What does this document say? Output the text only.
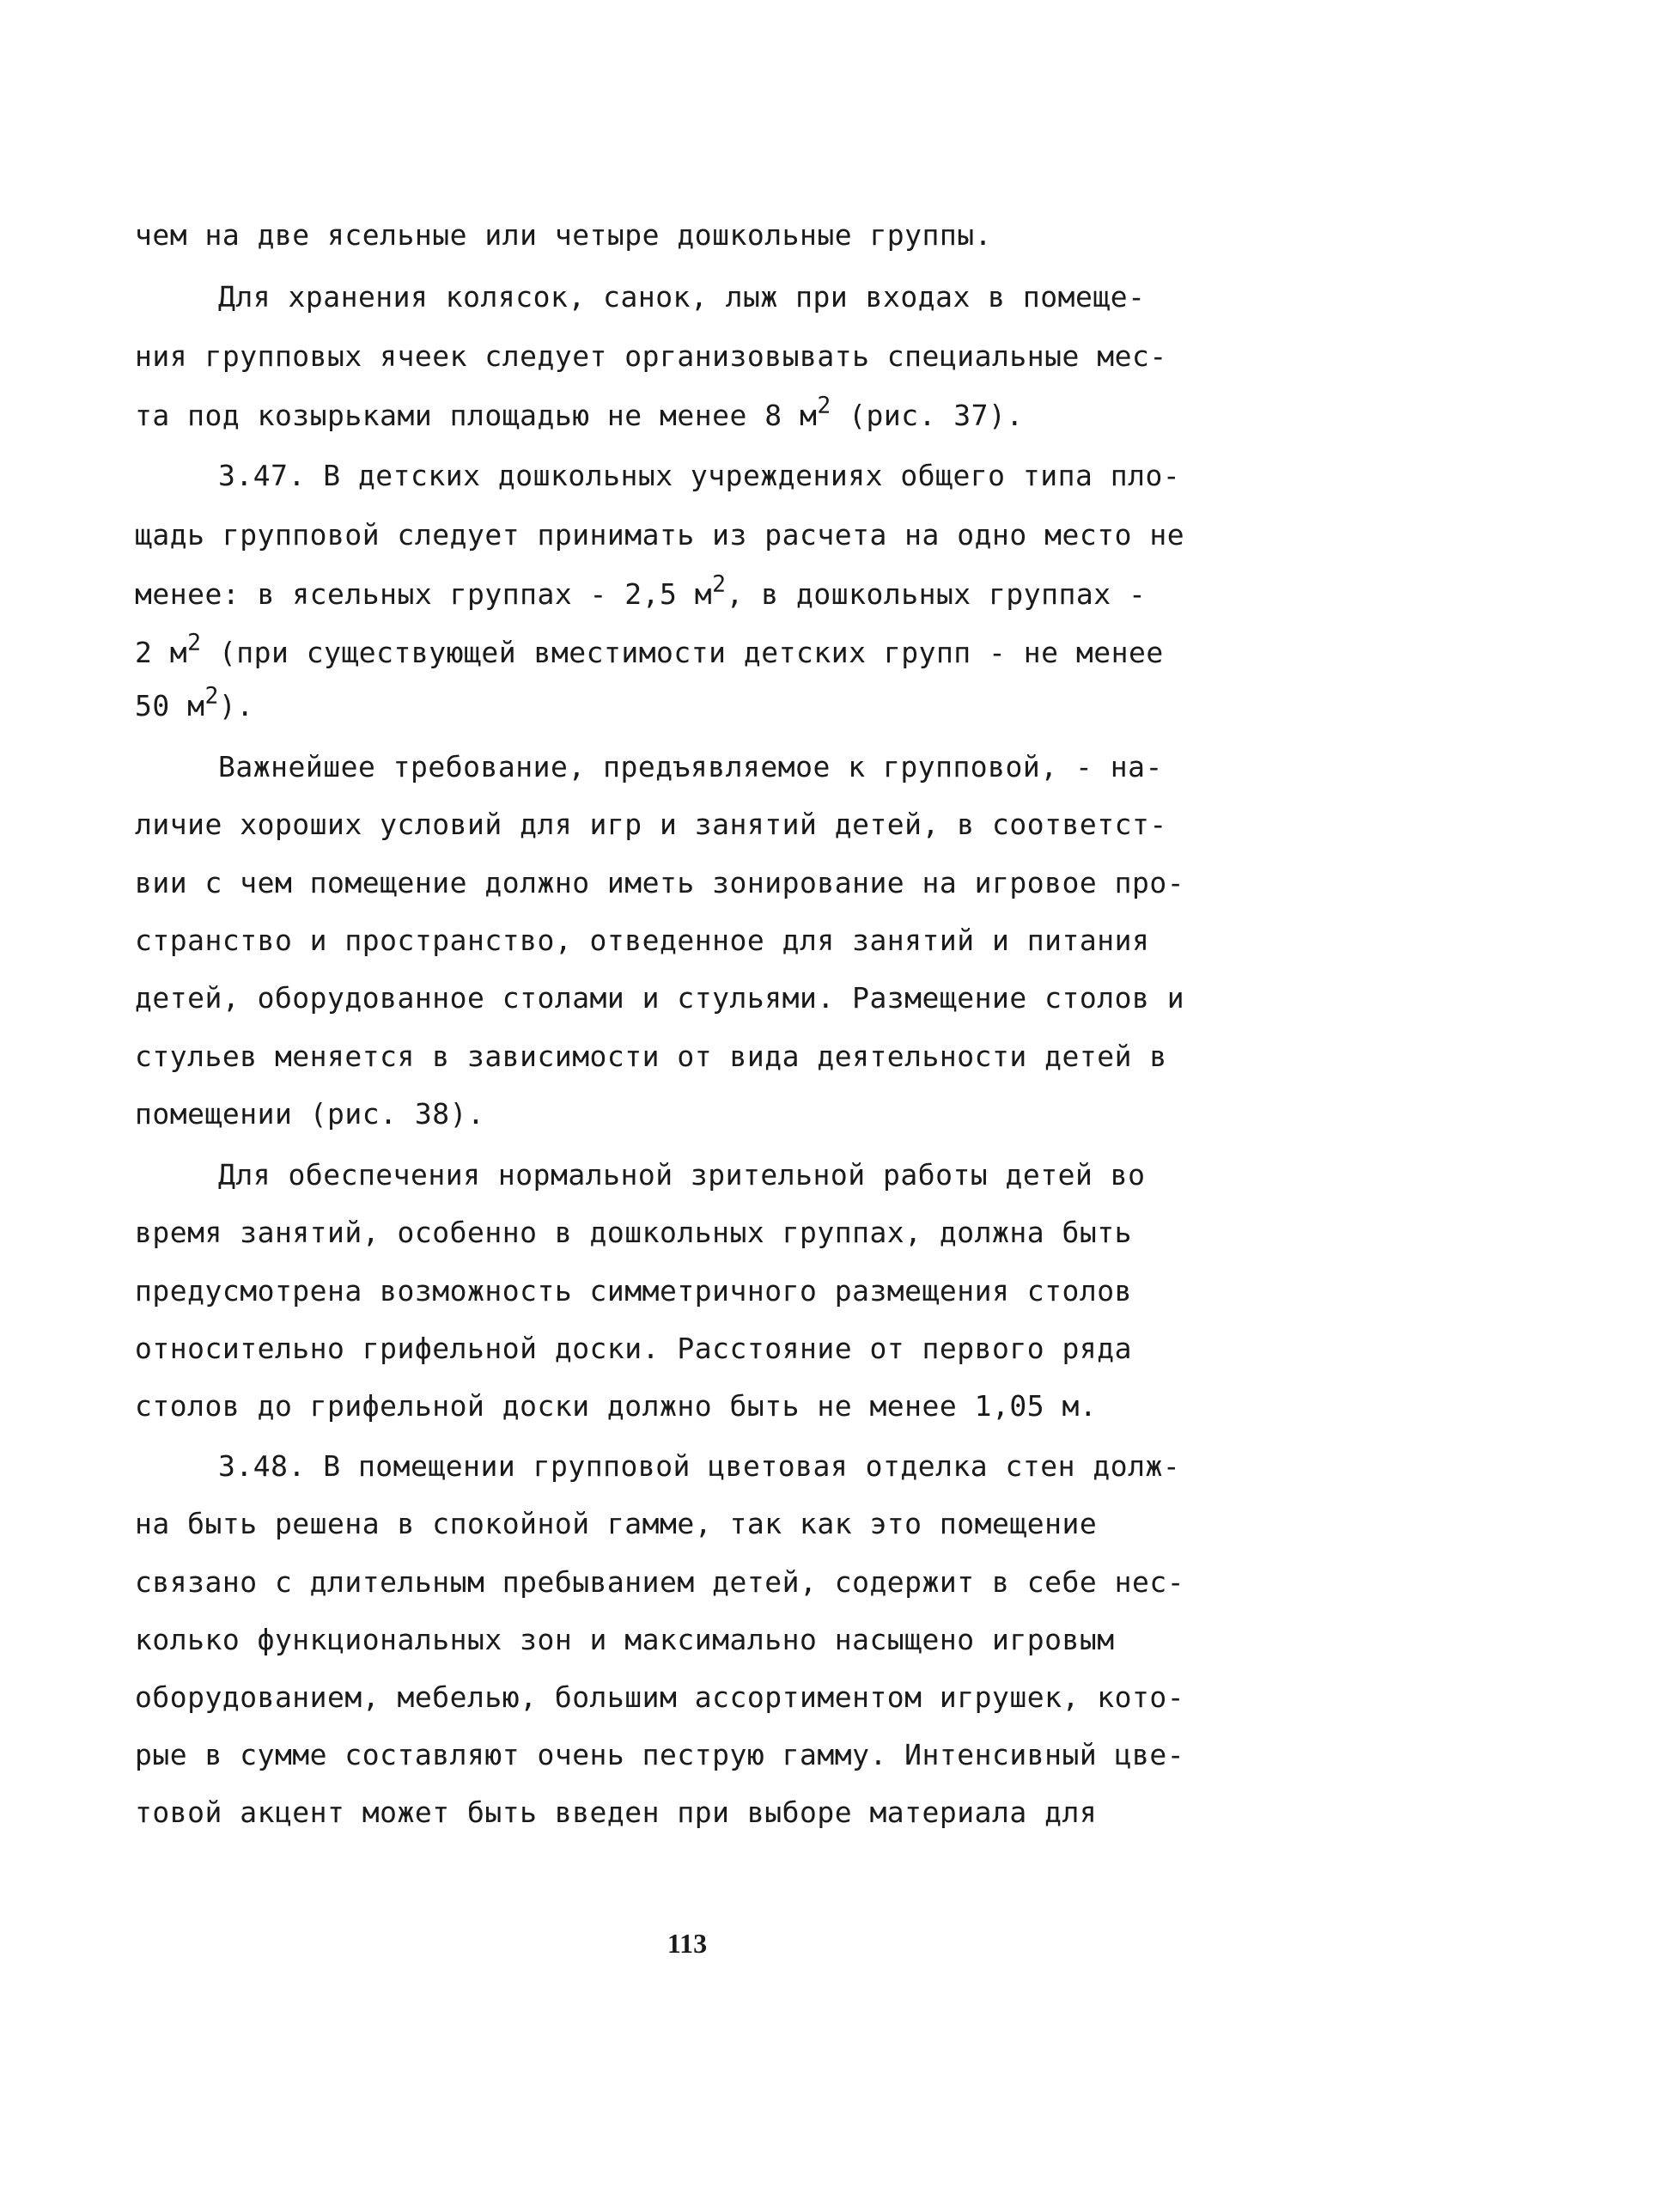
чем на две ясельные или четыре дошкольные группы.
Для хранения колясок, санок, лыж при входах в помеще-
ния групповых ячеек следует организовывать специальные мес-
та под козырьками площадью не менее 8 $м^2$ (рис. 37).
3.47. В детских дошкольных учреждениях общего типа пло-
щадь групповой следует принимать из расчета на одно место не
менее: в ясельных группах - 2,5 $м^2$, в дошкольных группах -
2 $м^2$ (при существующей вместимости детских групп - не менее
50 $м^2$).
Важнейшее требование, предъявляемое к групповой, - на-
личие хороших условий для игр и занятий детей, в соответст-
вии с чем помещение должно иметь зонирование на игровое про-
странство и пространство, отведенное для занятий и питания
детей, оборудованное столами и стульями. Размещение столов и
стульев меняется в зависимости от вида деятельности детей в
помещении (рис. 38).
Для обеспечения нормальной зрительной работы детей во
время занятий, особенно в дошкольных группах, должна быть
предусмотрена возможность симметричного размещения столов
относительно грифельной доски. Расстояние от первого ряда
столов до грифельной доски должно быть не менее 1,05 м.
3.48. В помещении групповой цветовая отделка стен долж-
на быть решена в спокойной гамме, так как это помещение
связано с длительным пребыванием детей, содержит в себе нес-
колько функциональных зон и максимально насыщено игровым
оборудованием, мебелью, большим ассортиментом игрушек, кото-
рые в сумме составляют очень пеструю гамму. Интенсивный цве-
товой акцент может быть введен при выборе материала для
113
